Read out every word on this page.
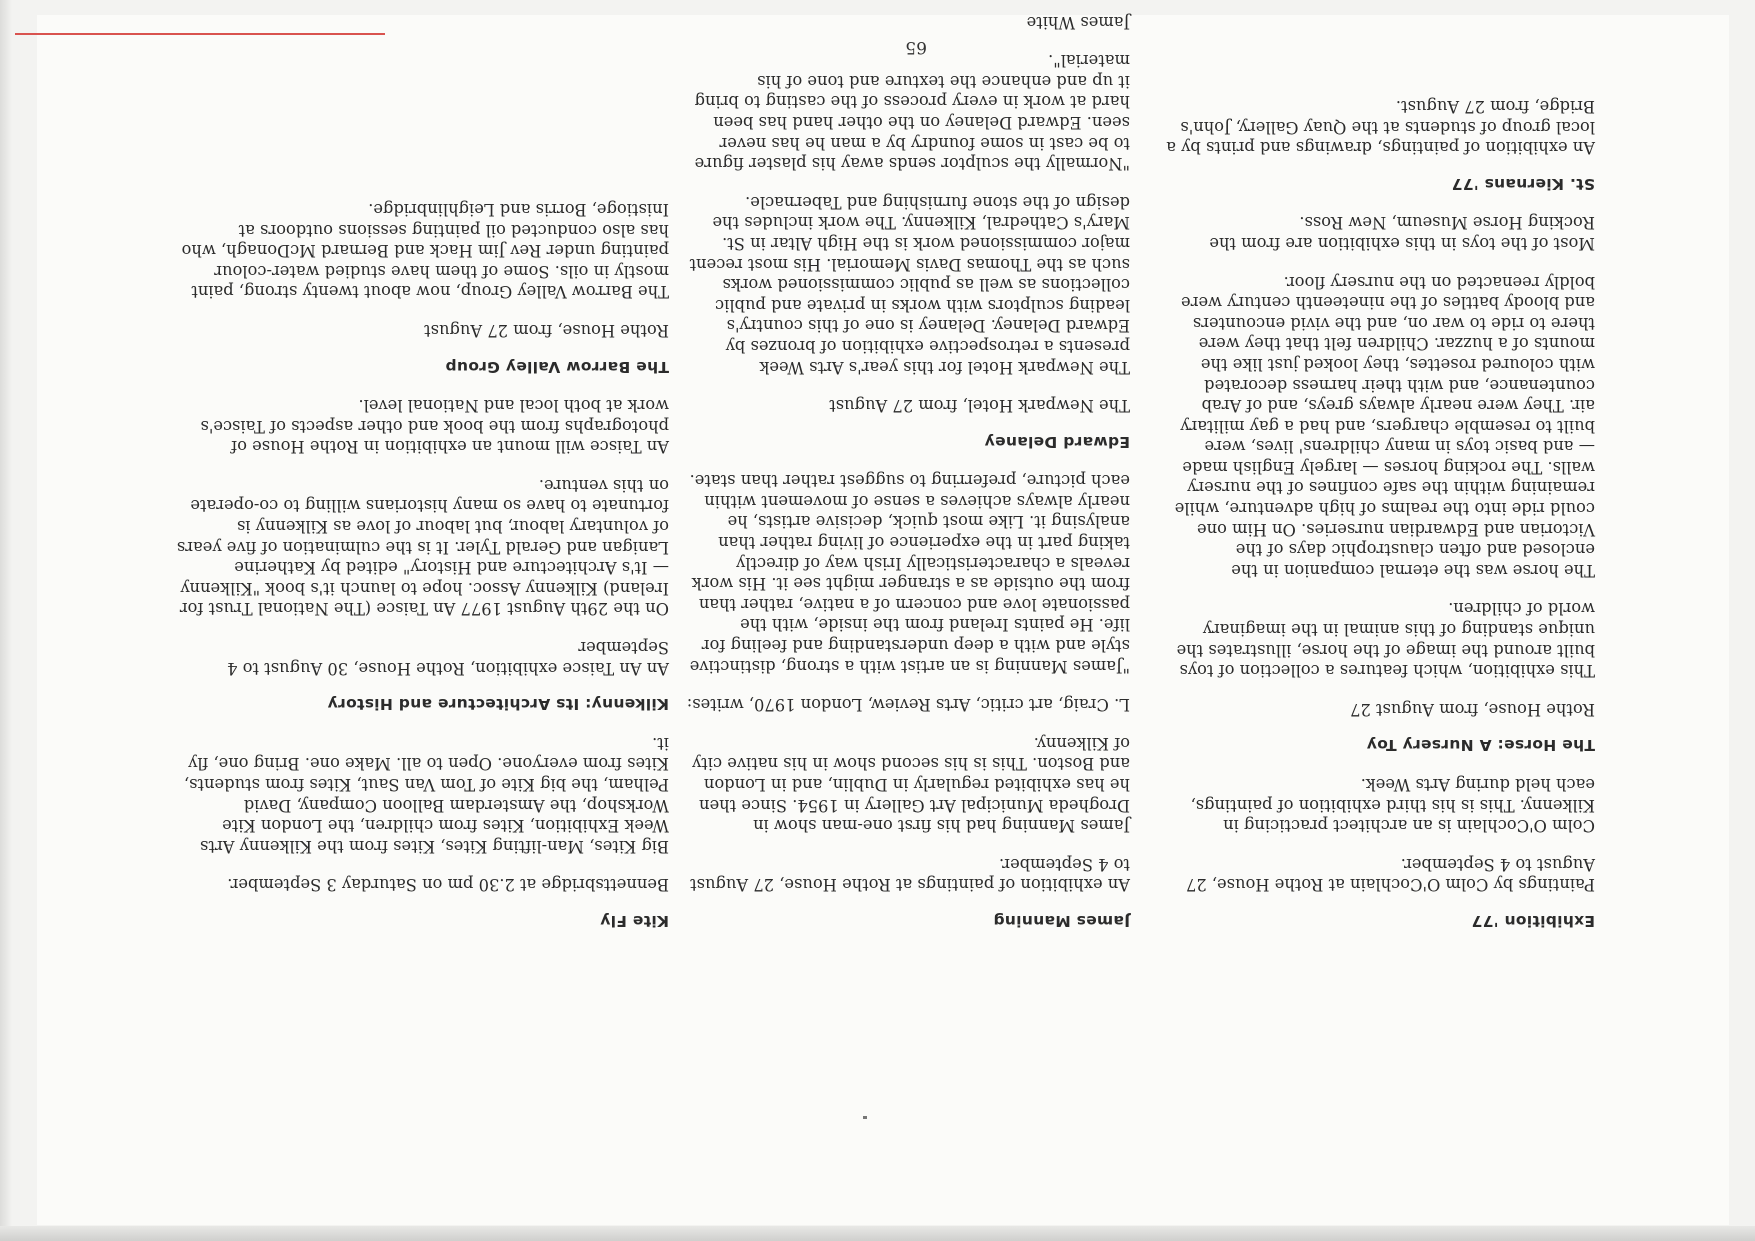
Exhibition '77

Paintings by Colm O'Cochlain at Rothe House, 27 August to 4 September.

Colm O'Cochlain is an architect practicing in Kilkenny. This is his third exhibition of paintings, each held during Arts Week.

The Horse: A Nursery Toy

Rothe House, from August 27

This exhibition, which features a collection of toys built around the image of the horse, illustrates the unique standing of this animal in the imaginary world of children.

The horse was the eternal companion in the enclosed and often claustrophic days of the Victorian and Edwardian nurseries. On Him one could ride into the realms of high adventure, while remaining within the safe confines of the nursery walls. The rocking horses — largely English made — and basic toys in many childrens' lives, were built to resemble chargers, and had a gay military air. They were nearly always greys, and of Arab countenance, and with their harness decorated with coloured rosettes, they looked just like the mounts of a huzzar. Children felt that they were there to ride to war on, and the vivid encounters and bloody battles of the nineteenth century were boldly reenacted on the nursery floor.

Most of the toys in this exhibition are from the Rocking Horse Museum, New Ross.

St. Kiernans '77

An exhibition of paintings, drawings and prints by a local group of students at the Quay Gallery, John's Bridge, from 27 August.

James Manning

An exhibition of paintings at Rothe House, 27 August to 4 September.

James Manning had his first one-man show in Drogheda Municipal Art Gallery in 1954. Since then he has exhibited regularly in Dublin, and in London and Boston. This is his second show in his native city of Kilkenny.

L. Craig, art critic, Arts Review, London 1970, writes:

"James Manning is an artist with a strong, distinctive style and with a deep understanding and feeling for life. He paints Ireland from the inside, with the passionate love and concern of a native, rather than from the outside as a stranger might see it. His work reveals a characteristically Irish way of directly taking part in the experience of living rather than analysing it. Like most quick, decisive artists, he nearly always achieves a sense of movement within each picture, preferring to suggest rather than state.

Edward Delaney

The Newpark Hotel, from 27 August

The Newpark Hotel for this year's Arts Week presents a retrospective exhibition of bronzes by Edward Delaney. Delaney is one of this country's leading sculptors with works in private and public collections as well as public commissioned works such as the Thomas Davis Memorial. His most recent major commissioned work is the High Altar in St. Mary's Cathedral, Kilkenny. The work includes the design of the stone furnishing and Tabernacle.

"Normally the sculptor sends away his plaster figure to be cast in some foundry by a man he has never seen. Edward Delaney on the other hand has been hard at work in every process of the casting to bring it up and enhance the texture and tone of his material".

James White

Kite Fly

Bennettsbridge at 2.30 pm on Saturday 3 September.

Big Kites, Man-lifting Kites, Kites from the Kilkenny Arts Week Exhibition, Kites from children, the London Kite Workshop, the Amsterdam Balloon Company, David Pelham, the big Kite of Tom Van Saut, Kites from students, Kites from everyone. Open to all. Make one. Bring one, fly it.

Kilkenny: Its Architecture and History

An An Taisce exhibition, Rothe House, 30 August to 4 September

On the 29th August 1977 An Taisce (The National Trust for Ireland) Kilkenny Assoc. hope to launch it's book "Kilkenny — It's Architecture and History" edited by Katherine Lanigan and Gerald Tyler. It is the culmination of five years of voluntary labour, but labour of love as Kilkenny is fortunate to have so many historians willing to co-operate on this venture.

An Taisce will mount an exhibition in Rothe House of photographs from the book and other aspects of Taisce's work at both local and National level.

The Barrow Valley Group

Rothe House, from 27 August

The Barrow Valley Group, now about twenty strong, paint mostly in oils. Some of them have studied water-colour painting under Rev Jim Hack and Bernard McDonagh, who has also conducted oil painting sessions outdoors at Inistioge, Borris and Leighlinbridge.

65
